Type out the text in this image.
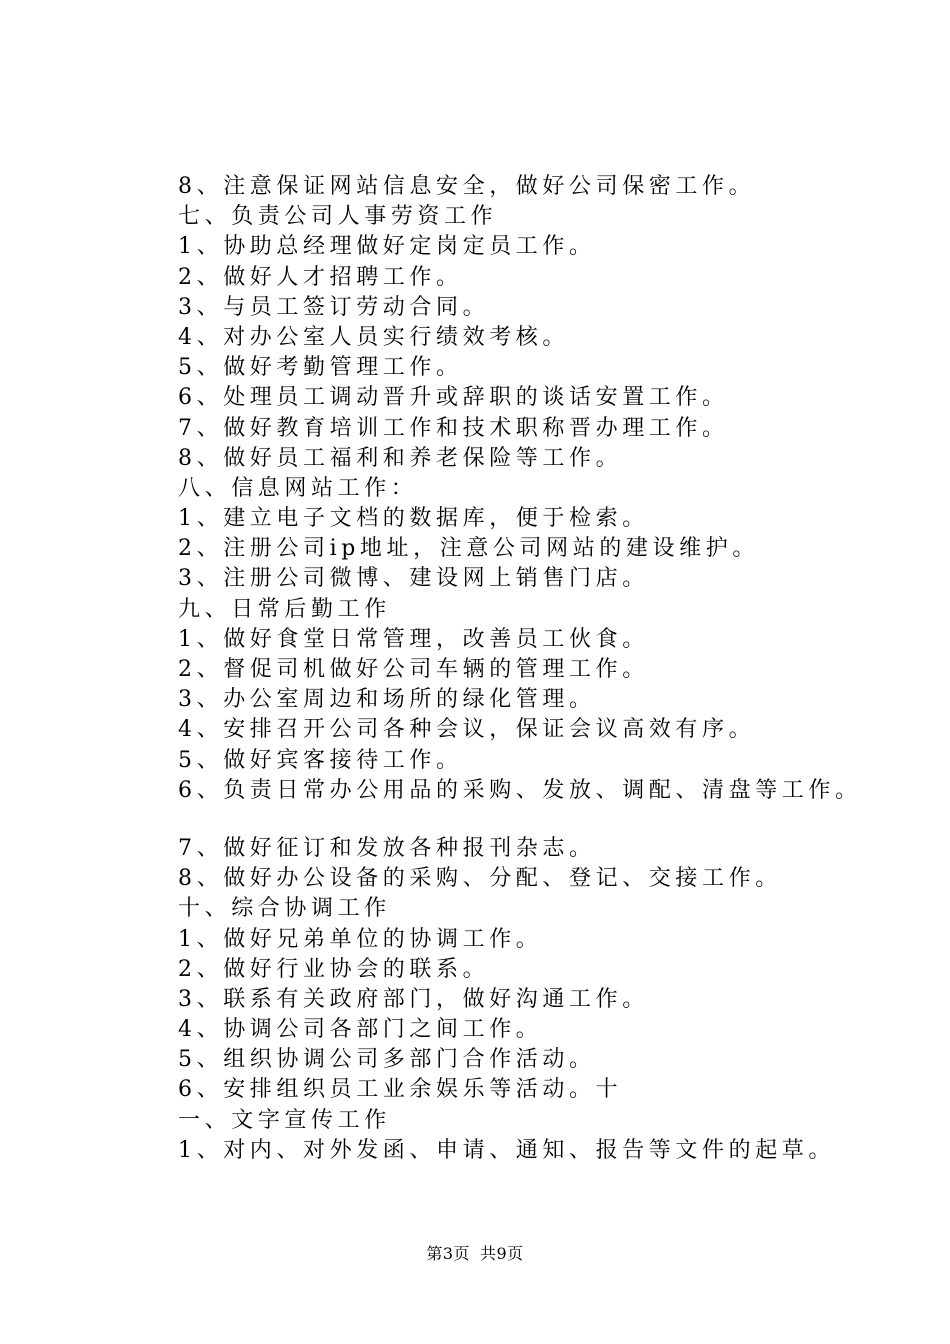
8、注意保证网站信息安全，做好公司保密工作。
七、负责公司人事劳资工作
1、协助总经理做好定岗定员工作。
2、做好人才招聘工作。
3、与员工签订劳动合同。
4、对办公室人员实行绩效考核。
5、做好考勤管理工作。
6、处理员工调动晋升或辞职的谈话安置工作。
7、做好教育培训工作和技术职称晋办理工作。
8、做好员工福利和养老保险等工作。
八、信息网站工作：
1、建立电子文档的数据库，便于检索。
2、注册公司ip地址，注意公司网站的建设维护。
3、注册公司微博、建设网上销售门店。
九、日常后勤工作
1、做好食堂日常管理，改善员工伙食。
2、督促司机做好公司车辆的管理工作。
3、办公室周边和场所的绿化管理。
4、安排召开公司各种会议，保证会议高效有序。
5、做好宾客接待工作。
6、负责日常办公用品的采购、发放、调配、清盘等工作。
7、做好征订和发放各种报刊杂志。
8、做好办公设备的采购、分配、登记、交接工作。
十、综合协调工作
1、做好兄弟单位的协调工作。
2、做好行业协会的联系。
3、联系有关政府部门，做好沟通工作。
4、协调公司各部门之间工作。
5、组织协调公司多部门合作活动。
6、安排组织员工业余娱乐等活动。十
一、文字宣传工作
1、对内、对外发函、申请、通知、报告等文件的起草。
第3页 共9页
